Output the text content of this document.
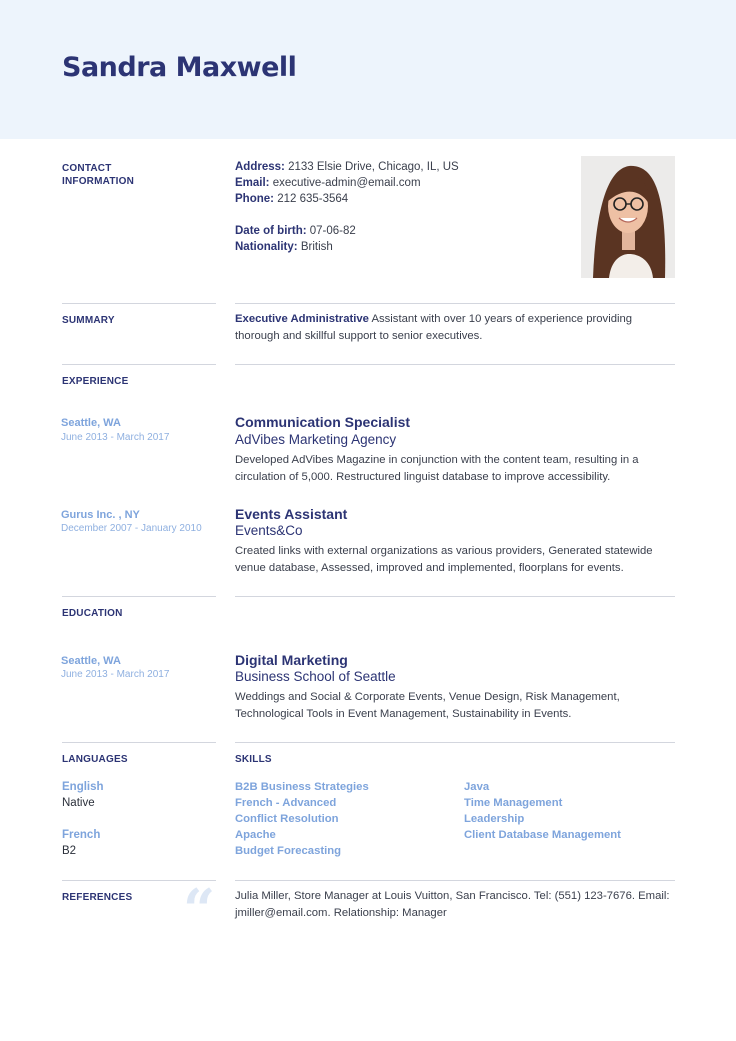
Sandra Maxwell
CONTACT
INFORMATION
Address: 2133 Elsie Drive, Chicago, IL, US
Email: executive-admin@email.com
Phone: 212 635-3564
Date of birth: 07-06-82
Nationality: British
SUMMARY	Executive Administrative Assistant with over 10 years of experience providing thorough and skillful support to senior executives.
EXPERIENCE
Seattle, WA
June 2013 - March 2017
Communication Specialist
AdVibes Marketing Agency
Developed AdVibes Magazine in conjunction with the content team, resulting in a circulation of 5,000. Restructured linguist database to improve accessibility.
Gurus Inc. , NY
December 2007 - January 2010
Events Assistant
Events&Co
Created links with external organizations as various providers, Generated statewide venue database, Assessed, improved and implemented, floorplans for events.
EDUCATION
Seattle, WA
June 2013 - March 2017
Digital Marketing
Business School of Seattle
Weddings and Social & Corporate Events, Venue Design, Risk Management, Technological Tools in Event Management, Sustainability in Events.
LANGUAGES	SKILLS
English
Native
French
B2
B2B Business Strategies
French - Advanced
Conflict Resolution
Apache
Budget Forecasting
Java
Time Management
Leadership
Client Database Management
REFERENCES “ Julia Miller, Store Manager at Louis Vuitton, San Francisco. Tel: (551) 123-7676. Email: jmiller@email.com. Relationship: Manager
